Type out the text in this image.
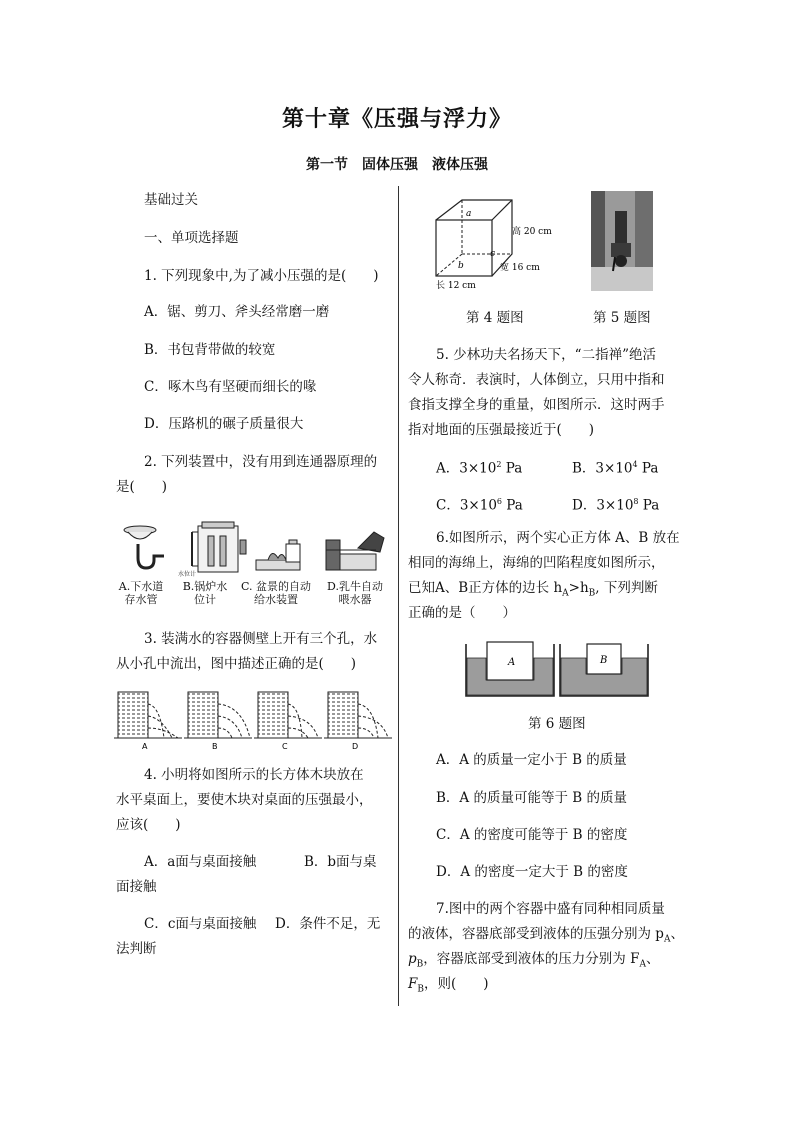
第十章《压强与浮力》
第一节　固体压强　液体压强
基础过关
一、单项选择题
1. 下列现象中,为了减小压强的是(　　)
A．锯、剪刀、斧头经常磨一磨
B．书包背带做的较宽
C．啄木鸟有坚硬而细长的喙
D．压路机的碾子质量很大
2. 下列装置中，没有用到连通器原理的
是(　　)
水位计
A.下水道
存水管
B.锅炉水
位计
C. 盆景的自动
给水装置
D.乳牛自动
喂水器
3. 装满水的容器侧壁上开有三个孔，水
从小孔中流出，图中描述正确的是(　　)
A	B	C	D
4. 小明将如图所示的长方体木块放在
水平桌面上，要使木块对桌面的压强最小，
应该(　　)
A．a面与桌面接触	B．b面与桌
面接触
C．c面与桌面接触 D．条件不足，无
法判断
a
b
c
高 20 cm
宽 16 cm
长 12 cm
第 4 题图	第 5 题图
5. 少林功夫名扬天下，“二指禅”绝活
令人称奇．表演时，人体倒立，只用中指和
食指支撑全身的重量，如图所示．这时两手
指对地面的压强最接近于(　　)
A．$3\times 10^2$ Pa	B．$3\times 10^4$ Pa
C．$3\times 10^6$ Pa	D．$3\times 10^8$ Pa
6.如图所示，两个实心正方体 A、B 放在
相同的海绵上，海绵的凹陷程度如图所示，
已知A、B正方体的边长 $h_A>h_B$, 下列判断
正确的是（　　）
A	B
第 6 题图
A．A 的质量一定小于 B 的质量
B．A 的质量可能等于 B 的质量
C．A 的密度可能等于 B 的密度
D．A 的密度一定大于 B 的密度
7.图中的两个容器中盛有同种相同质量
的液体，容器底部受到液体的压强分别为 $p_A$、
$p_B$，容器底部受到液体的压力分别为 $F_A$、
$F_B$，则(　　)
